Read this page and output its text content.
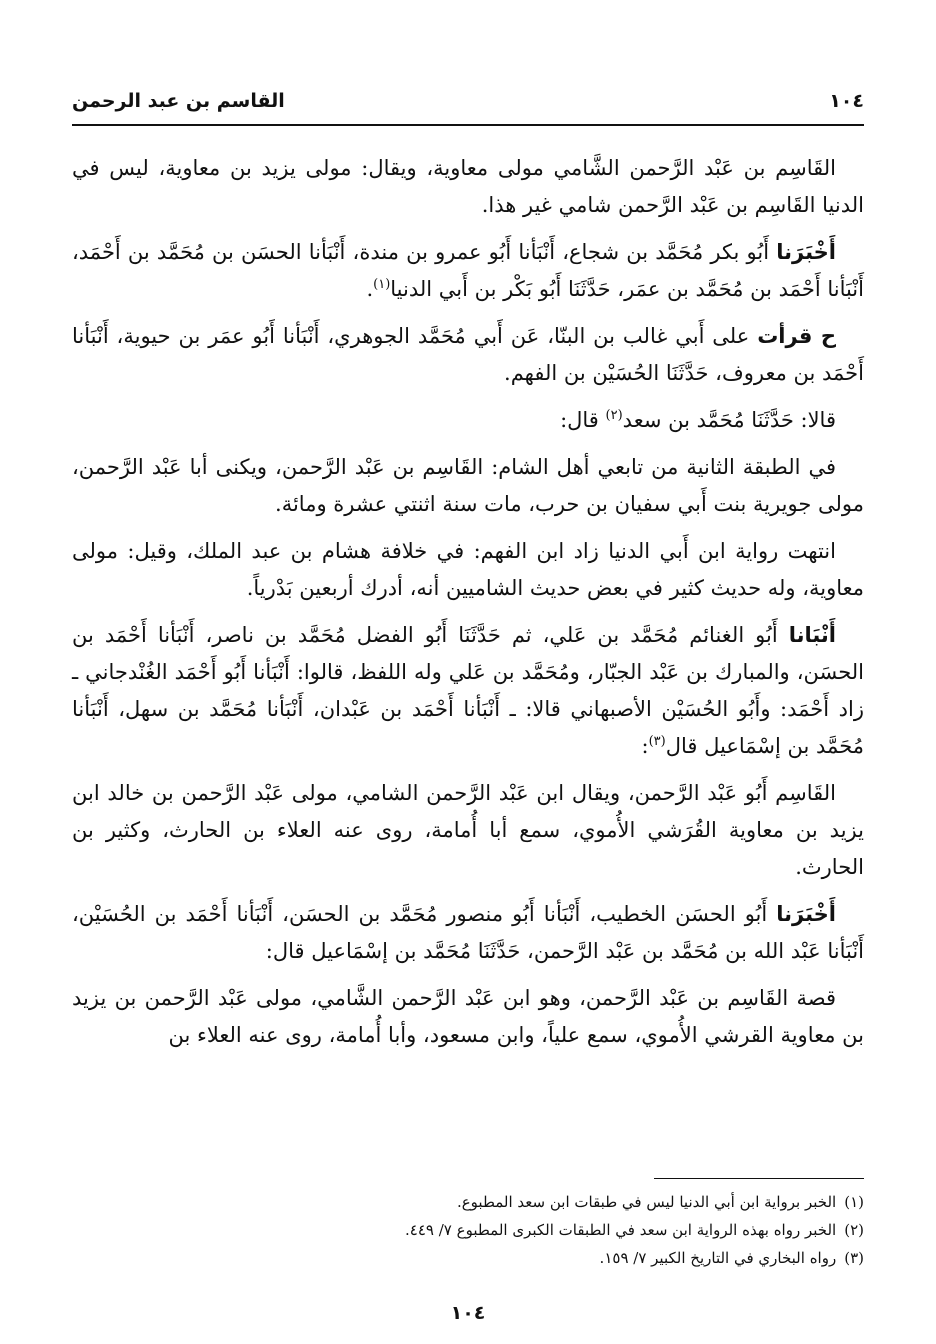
١٠٤
القاسم بن عبد الرحمن

القَاسِم بن عَبْد الرَّحمن الشَّامي مولى معاوية، ويقال: مولى يزيد بن معاوية، ليس في الدنيا القَاسِم بن عَبْد الرَّحمن شامي غير هذا.

أَخْبَرَنا أَبُو بكر مُحَمَّد بن شجاع، أَنْبَأنا أَبُو عمرو بن مندة، أَنْبَأنا الحسَن بن مُحَمَّد بن أَحْمَد، أَنْبَأنا أَحْمَد بن مُحَمَّد بن عمَر، حَدَّثَنَا أَبُو بَكْر بن أَبي الدنيا$^{(١)}$.

ح قرأت على أَبي غالب بن البنّا، عَن أَبي مُحَمَّد الجوهري، أَنْبَأنا أَبُو عمَر بن حيوية، أَنْبَأنا أَحْمَد بن معروف، حَدَّثَنَا الحُسَيْن بن الفهم.

قالا: حَدَّثَنَا مُحَمَّد بن سعد$^{(٢)}$ قال:

في الطبقة الثانية من تابعي أهل الشام: القَاسِم بن عَبْد الرَّحمن، ويكنى أبا عَبْد الرَّحمن، مولى جويرية بنت أَبي سفيان بن حرب، مات سنة اثنتي عشرة ومائة.

انتهت رواية ابن أَبي الدنيا زاد ابن الفهم: في خلافة هشام بن عبد الملك، وقيل: مولى معاوية، وله حديث كثير في بعض حديث الشاميين أنه، أدرك أربعين بَدْرياً.

أَنْبَانا أَبُو الغنائم مُحَمَّد بن عَلي، ثم حَدَّثَنَا أَبُو الفضل مُحَمَّد بن ناصر، أَنْبَأنا أَحْمَد بن الحسَن، والمبارك بن عَبْد الجبّار، ومُحَمَّد بن عَلي وله اللفظ، قالوا: أَنْبَأنا أَبُو أَحْمَد الغُنْدجاني ـ زاد أَحْمَد: وأَبُو الحُسَيْن الأصبهاني قالا: ـ أَنْبَأنا أَحْمَد بن عَبْدان، أَنْبَأنا مُحَمَّد بن سهل، أَنْبَأنا مُحَمَّد بن إسْمَاعيل قال$^{(٣)}$:

القَاسِم أَبُو عَبْد الرَّحمن، ويقال ابن عَبْد الرَّحمن الشامي، مولى عَبْد الرَّحمن بن خالد ابن يزيد بن معاوية القُرَشي الأُموي، سمع أبا أُمامة، روى عنه العلاء بن الحارث، وكثير بن الحارث.

أَخْبَرَنا أَبُو الحسَن الخطيب، أَنْبَأنا أَبُو منصور مُحَمَّد بن الحسَن، أَنْبَأنا أَحْمَد بن الحُسَيْن، أَنْبَأنا عَبْد الله بن مُحَمَّد بن عَبْد الرَّحمن، حَدَّثَنَا مُحَمَّد بن إسْمَاعيل قال:

قصة القَاسِم بن عَبْد الرَّحمن، وهو ابن عَبْد الرَّحمن الشَّامي، مولى عَبْد الرَّحمن بن يزيد بن معاوية القرشي الأُموي، سمع علياً، وابن مسعود، وأبا أُمامة، روى عنه العلاء بن

(١)
الخبر برواية ابن أبي الدنيا ليس في طبقات ابن سعد المطبوع.
(٢)
الخبر رواه بهذه الرواية ابن سعد في الطبقات الكبرى المطبوع ٧/ ٤٤٩.
(٣)
رواه البخاري في التاريخ الكبير ٧/ ١٥٩.
١٠٤
